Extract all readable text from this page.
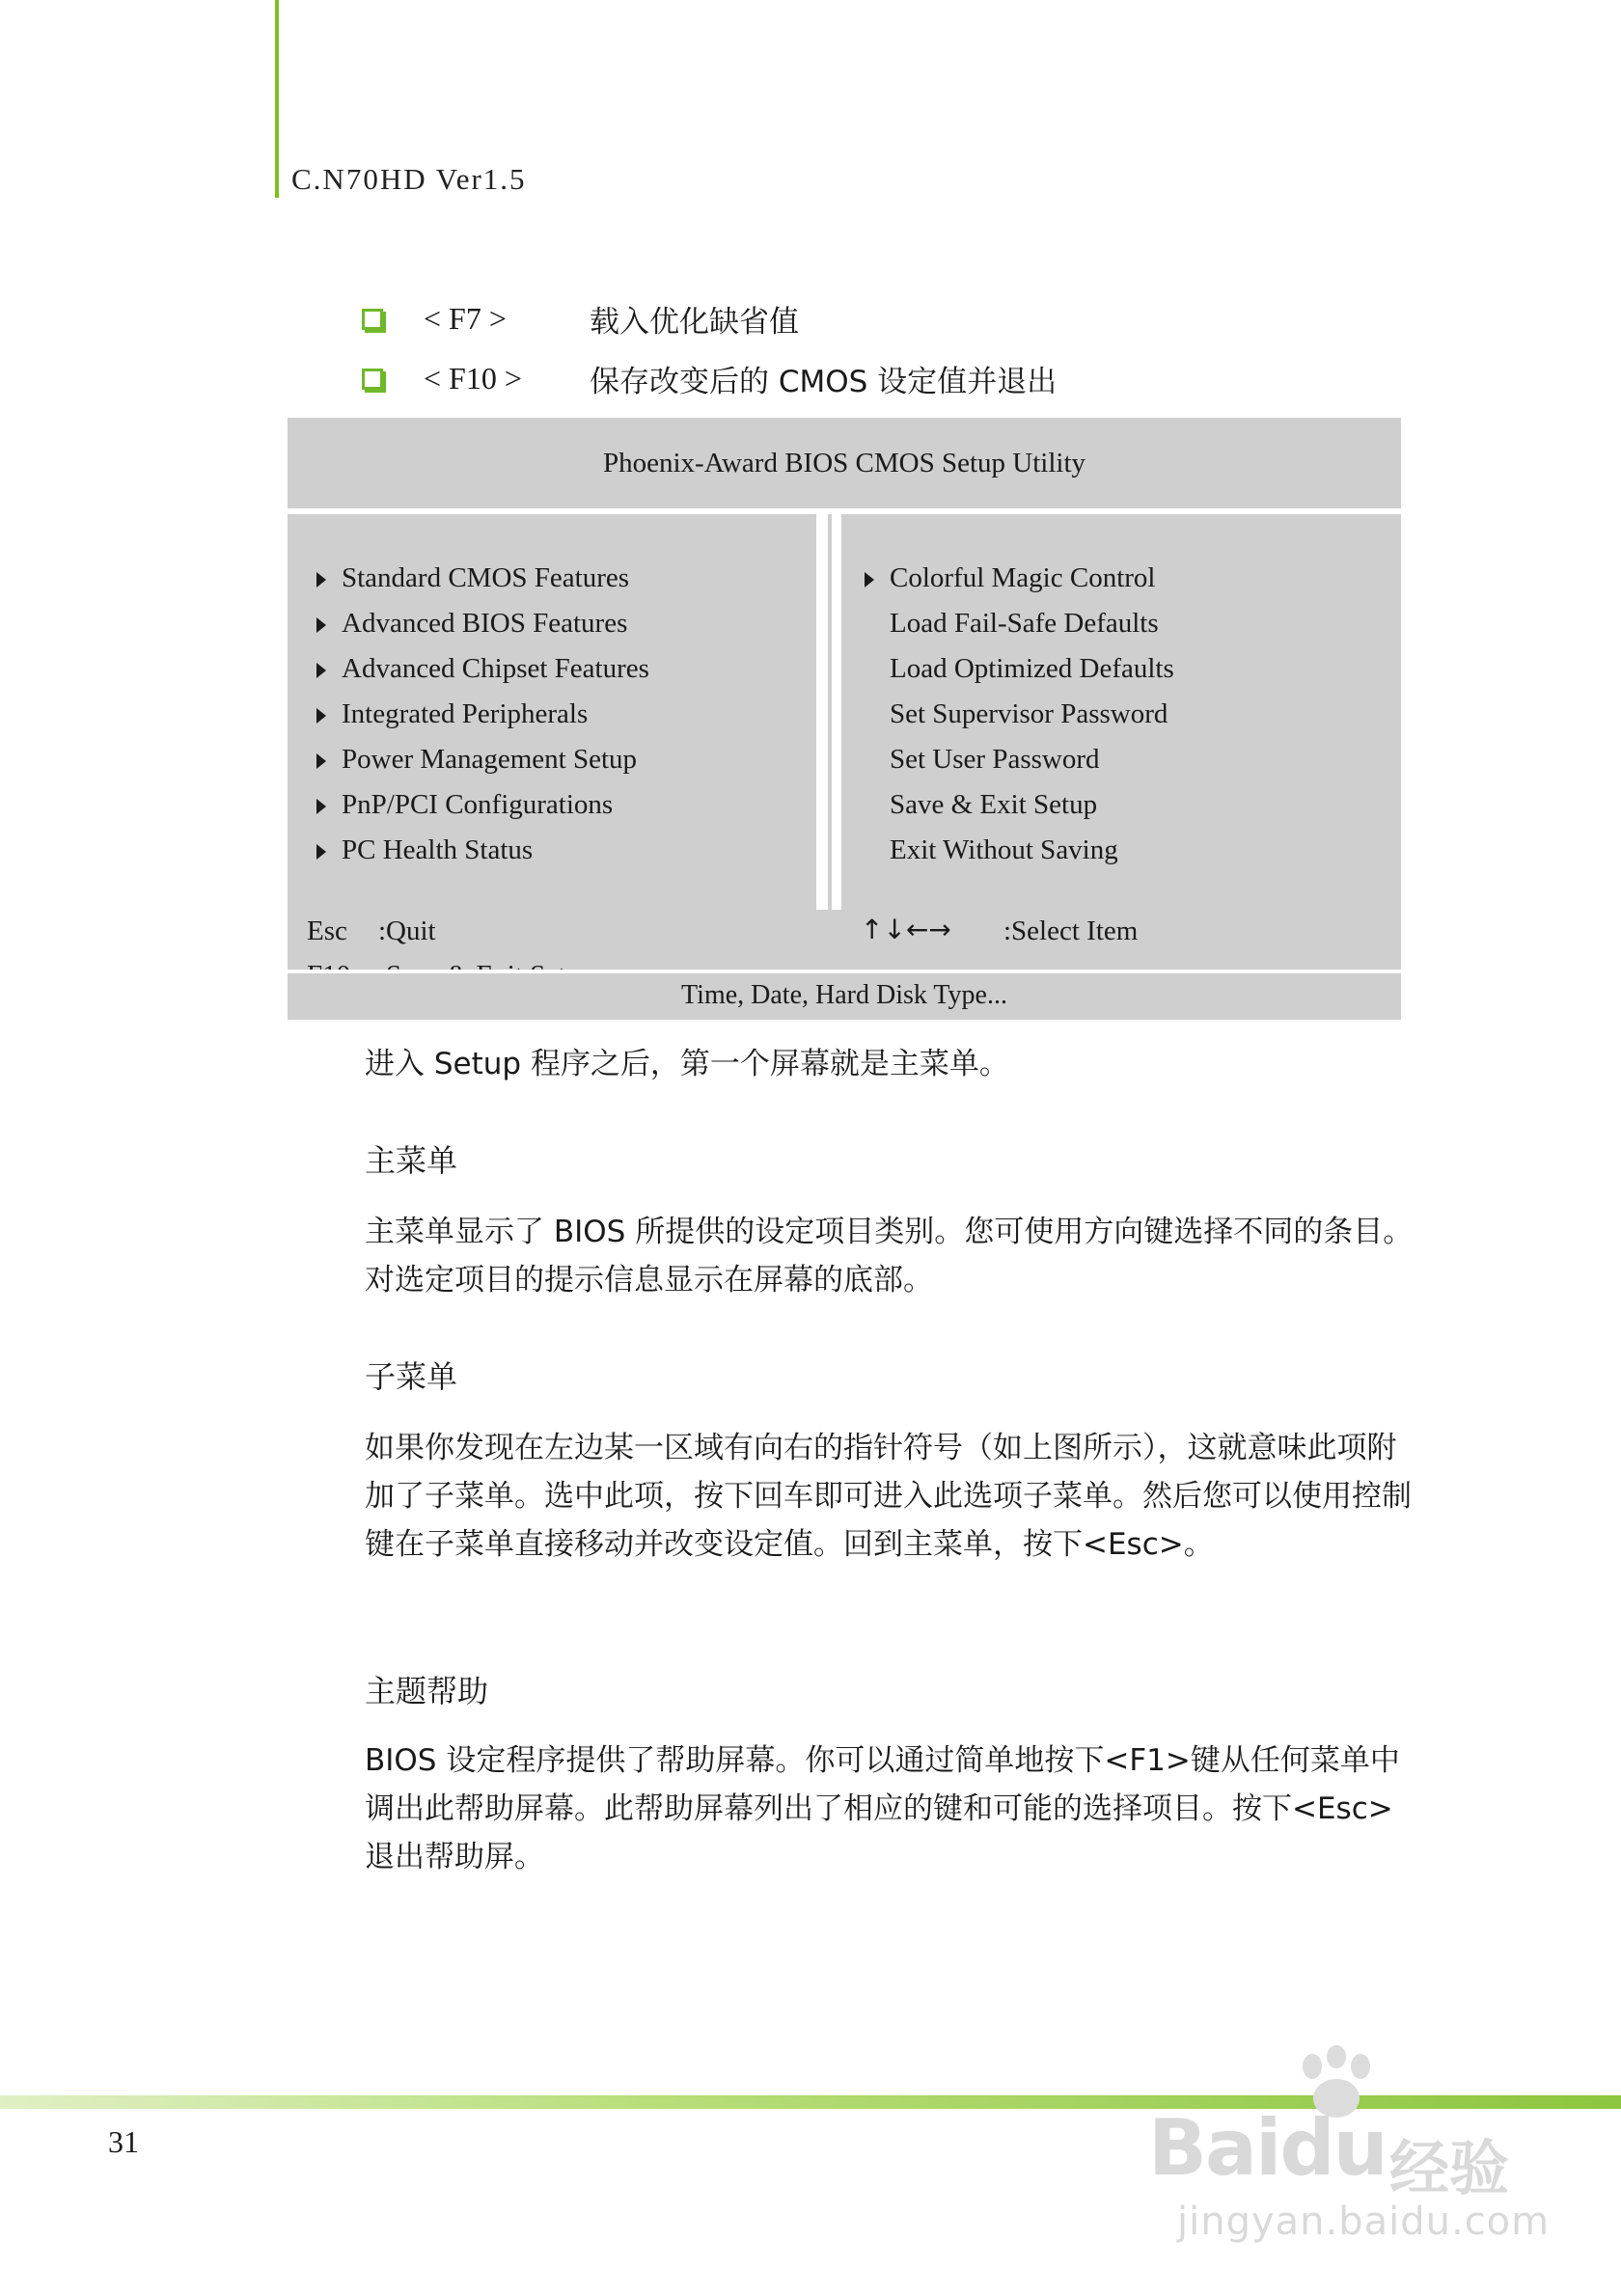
C.N70HD Ver1.5
< F7 >	载入优化缺省值
< F10 >	保存改变后的 CMOS 设定值并退出
Phoenix-Award BIOS CMOS Setup Utility
Standard CMOS Features
Advanced BIOS Features
Advanced Chipset Features
Integrated Peripherals
Power Management Setup
PnP/PCI Configurations
PC Health Status
Colorful Magic Control
Load Fail-Safe Defaults
Load Optimized Defaults
Set Supervisor Password
Set User Password
Save & Exit Setup
Exit Without Saving
Esc :Quit	↑↓←→ :Select Item
Time, Date, Hard Disk Type...
进入 Setup 程序之后，第一个屏幕就是主菜单。
主菜单
主菜单显示了 BIOS 所提供的设定项目类别。您可使用方向键选择不同的条目。对选定项目的提示信息显示在屏幕的底部。
子菜单
如果你发现在左边某一区域有向右的指针符号（如上图所示），这就意味此项附加了子菜单。选中此项，按下回车即可进入此选项子菜单。然后您可以使用控制键在子菜单直接移动并改变设定值。回到主菜单，按下<Esc>。
主题帮助
BIOS 设定程序提供了帮助屏幕。你可以通过简单地按下<F1>键从任何菜单中调出此帮助屏幕。此帮助屏幕列出了相应的键和可能的选择项目。按下<Esc>退出帮助屏。
31	Baidu 经验
jingyan.baidu.com
